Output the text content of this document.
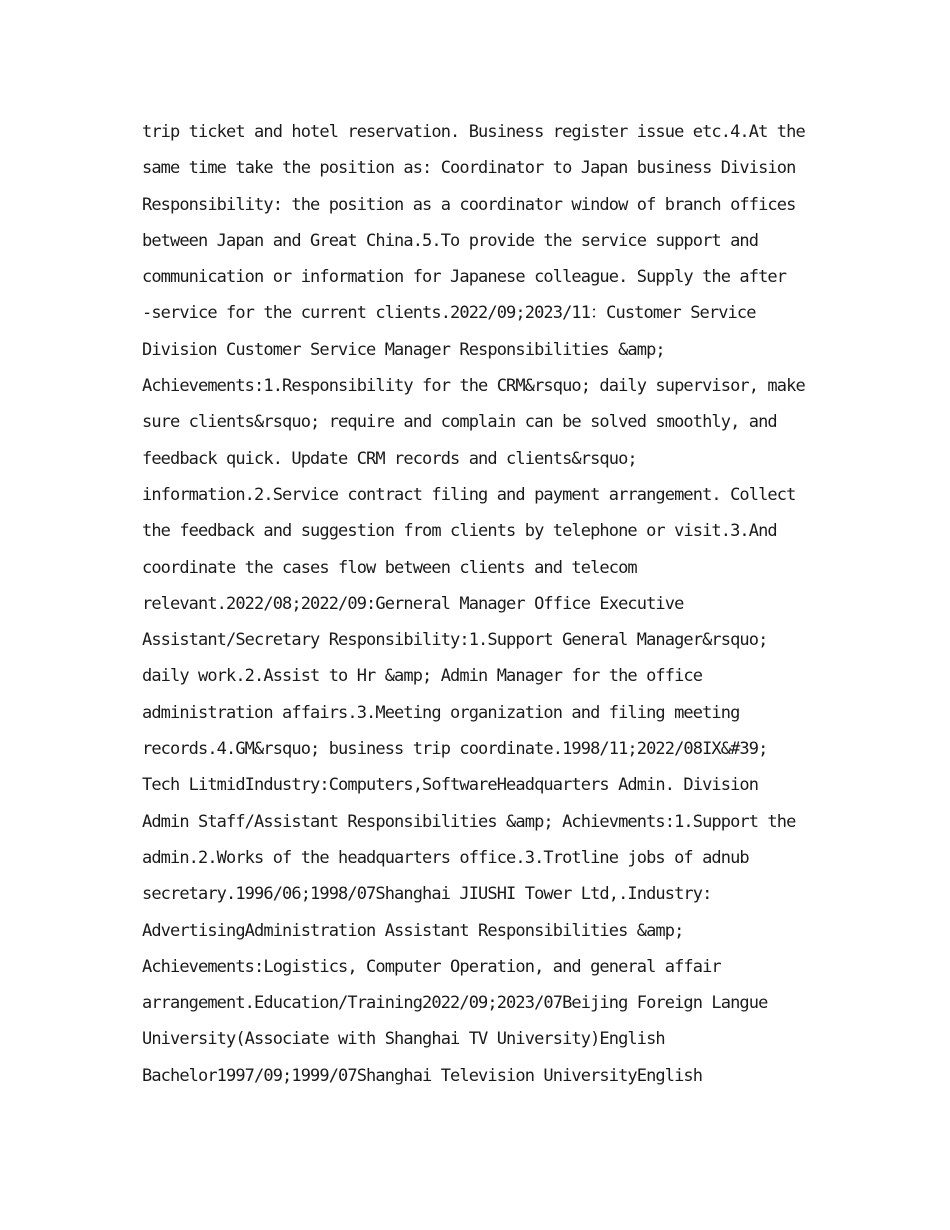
trip ticket and hotel reservation. Business register issue etc.4.At the
same time take the position as: Coordinator to Japan business Division
Responsibility: the position as a coordinator window of branch offices
between Japan and Great China.5.To provide the service support and
communication or information for Japanese colleague. Supply the after
-service for the current clients.2022/09;2023/11：Customer Service
Division Customer Service Manager Responsibilities &amp;
Achievements:1.Responsibility for the CRM&rsquo; daily supervisor, make
sure clients&rsquo; require and complain can be solved smoothly, and
feedback quick. Update CRM records and clients&rsquo;
information.2.Service contract filing and payment arrangement. Collect
the feedback and suggestion from clients by telephone or visit.3.And
coordinate the cases flow between clients and telecom
relevant.2022/08;2022/09:Gerneral Manager Office Executive
Assistant/Secretary Responsibility:1.Support General Manager&rsquo;
daily work.2.Assist to Hr &amp; Admin Manager for the office
administration affairs.3.Meeting organization and filing meeting
records.4.GM&rsquo; business trip coordinate.1998/11;2022/08IX&#39;
Tech LitmidIndustry:Computers,SoftwareHeadquarters Admin. Division
Admin Staff/Assistant Responsibilities &amp; Achievments:1.Support the
admin.2.Works of the headquarters office.3.Trotline jobs of adnub
secretary.1996/06;1998/07Shanghai JIUSHI Tower Ltd,.Industry:
AdvertisingAdministration Assistant Responsibilities &amp;
Achievements:Logistics, Computer Operation, and general affair
arrangement.Education/Training2022/09;2023/07Beijing Foreign Langue
University(Associate with Shanghai TV University)English
Bachelor1997/09;1999/07Shanghai Television UniversityEnglish
